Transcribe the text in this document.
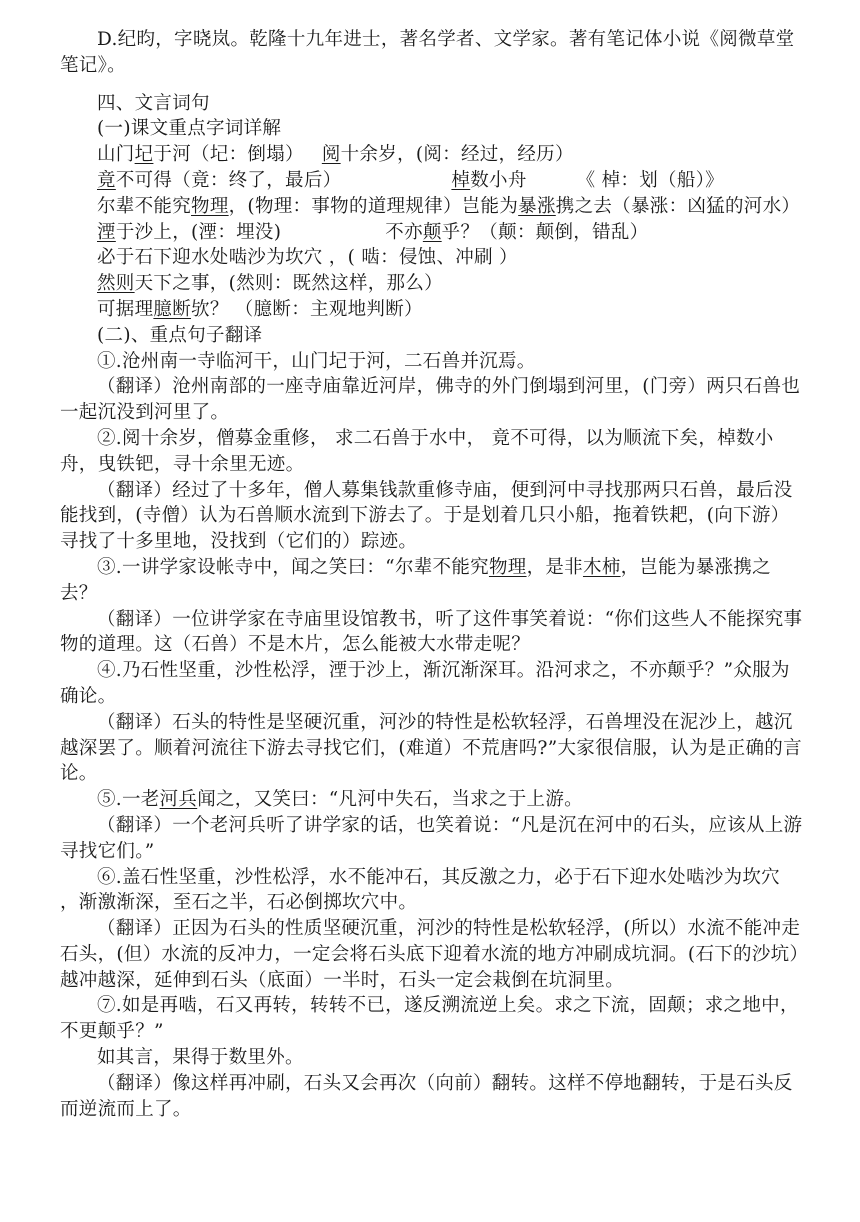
D.纪昀，字晓岚。乾隆十九年进士，著名学者、文学家。著有笔记体小说《阅微草堂笔记》。

四、文言词句

(一)课文重点字词详解

山门圮于河（圮：倒塌） 阅十余岁，(阅：经过，经历）

竟不可得（竟：终了，最后）	棹数小舟	《 棹：划（船）》

尔辈不能究物理，(物理：事物的道理规律）岂能为暴涨携之去（暴涨：凶猛的河水）

湮于沙上，(湮：埋没)	不亦颠乎？（颠：颠倒，错乱）

必于石下迎水处啮沙为坎穴 ，( 啮：侵蚀、冲刷 ）

然则天下之事，(然则：既然这样，那么）

可据理臆断欤？ （臆断：主观地判断）

(二)、重点句子翻译

①.沧州南一寺临河干，山门圮于河，二石兽并沉焉。

（翻译）沧州南部的一座寺庙靠近河岸，佛寺的外门倒塌到河里，(门旁）两只石兽也一起沉没到河里了。

②.阅十余岁，僧募金重修， 求二石兽于水中， 竟不可得，以为顺流下矣，棹数小舟，曳铁钯，寻十余里无迹。

（翻译）经过了十多年，僧人募集钱款重修寺庙，便到河中寻找那两只石兽，最后没能找到，(寺僧）认为石兽顺水流到下游去了。于是划着几只小船，拖着铁耙，(向下游）寻找了十多里地，没找到（它们的）踪迹。

③.一讲学家设帐寺中，闻之笑曰：“尔辈不能究物理，是非木柿，岂能为暴涨携之去？

（翻译）一位讲学家在寺庙里设馆教书，听了这件事笑着说：“你们这些人不能探究事物的道理。这（石兽）不是木片，怎么能被大水带走呢？

④.乃石性坚重，沙性松浮，湮于沙上，渐沉渐深耳。沿河求之，不亦颠乎？”众服为确论。

（翻译）石头的特性是坚硬沉重，河沙的特性是松软轻浮，石兽埋没在泥沙上，越沉越深罢了。顺着河流往下游去寻找它们，(难道）不荒唐吗?”大家很信服，认为是正确的言论。

⑤.一老河兵闻之，又笑曰：“凡河中失石，当求之于上游。

（翻译）一个老河兵听了讲学家的话，也笑着说：“凡是沉在河中的石头，应该从上游寻找它们。”

⑥.盖石性坚重，沙性松浮，水不能冲石，其反激之力，必于石下迎水处啮沙为坎穴 ，渐激渐深，至石之半，石必倒掷坎穴中。

（翻译）正因为石头的性质坚硬沉重，河沙的特性是松软轻浮，(所以）水流不能冲走石头，(但）水流的反冲力，一定会将石头底下迎着水流的地方冲刷成坑洞。(石下的沙坑）越冲越深，延伸到石头（底面）一半时，石头一定会栽倒在坑洞里。

⑦.如是再啮，石又再转，转转不已，遂反溯流逆上矣。求之下流，固颠；求之地中，不更颠乎？”

如其言，果得于数里外。

（翻译）像这样再冲刷，石头又会再次（向前）翻转。这样不停地翻转，于是石头反而逆流而上了。
